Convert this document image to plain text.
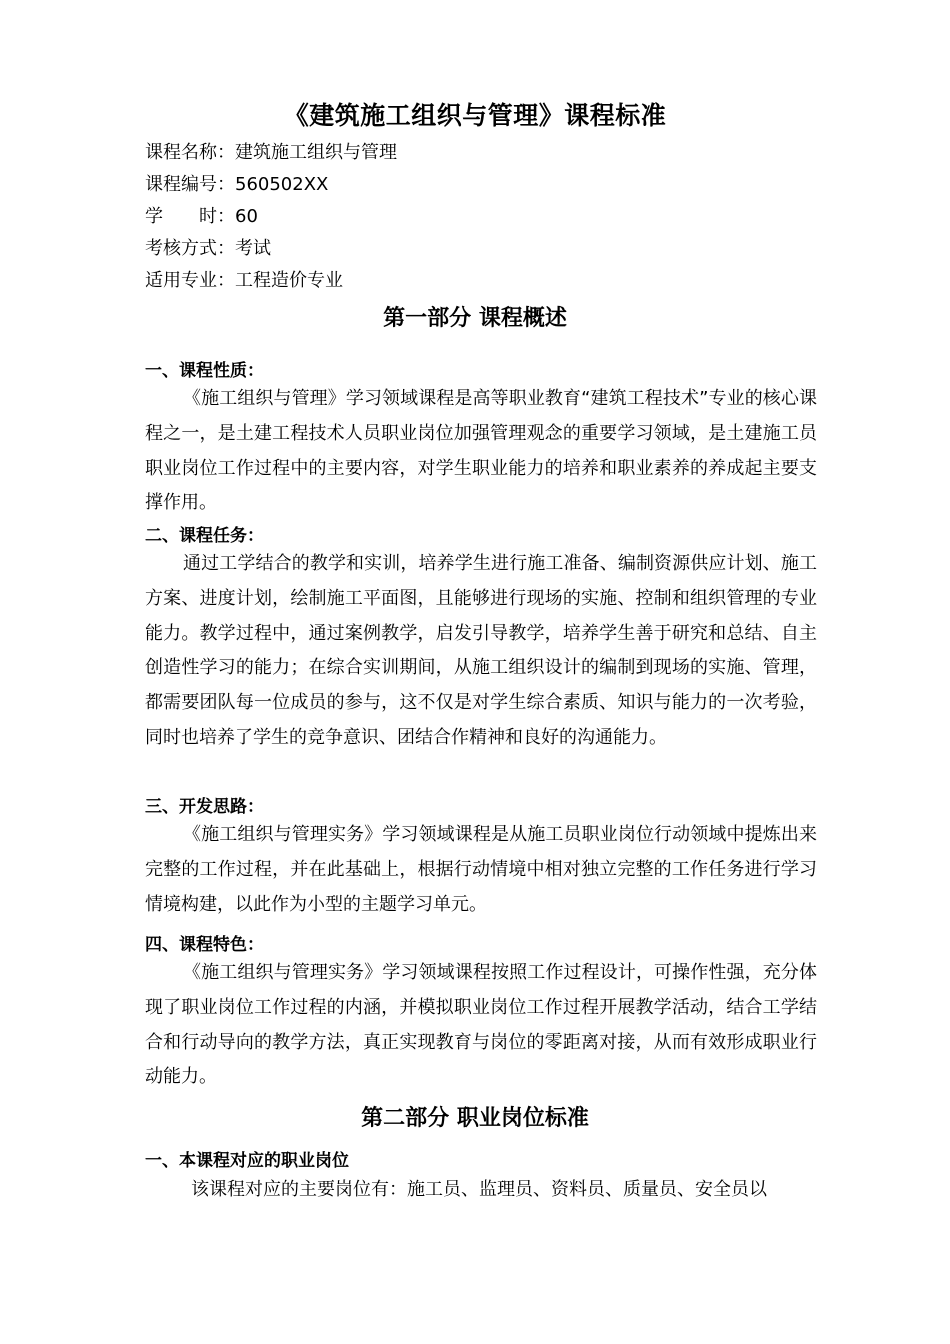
《建筑施工组织与管理》课程标准
课程名称：建筑施工组织与管理
课程编号：560502XX
学　　时：60
考核方式：考试
适用专业：工程造价专业
第一部分 课程概述
一、课程性质：
《施工组织与管理》学习领域课程是高等职业教育“建筑工程技术”专业的核心课程之一，是土建工程技术人员职业岗位加强管理观念的重要学习领域，是土建施工员职业岗位工作过程中的主要内容，对学生职业能力的培养和职业素养的养成起主要支撑作用。
二、课程任务：
通过工学结合的教学和实训，培养学生进行施工准备、编制资源供应计划、施工方案、进度计划，绘制施工平面图，且能够进行现场的实施、控制和组织管理的专业能力。教学过程中，通过案例教学，启发引导教学，培养学生善于研究和总结、自主创造性学习的能力；在综合实训期间，从施工组织设计的编制到现场的实施、管理，都需要团队每一位成员的参与，这不仅是对学生综合素质、知识与能力的一次考验，同时也培养了学生的竞争意识、团结合作精神和良好的沟通能力。
三、开发思路：
《施工组织与管理实务》学习领域课程是从施工员职业岗位行动领域中提炼出来完整的工作过程，并在此基础上，根据行动情境中相对独立完整的工作任务进行学习情境构建，以此作为小型的主题学习单元。
四、课程特色：
《施工组织与管理实务》学习领域课程按照工作过程设计，可操作性强，充分体现了职业岗位工作过程的内涵，并模拟职业岗位工作过程开展教学活动，结合工学结合和行动导向的教学方法，真正实现教育与岗位的零距离对接，从而有效形成职业行动能力。
第二部分 职业岗位标准
一、本课程对应的职业岗位
该课程对应的主要岗位有：施工员、监理员、资料员、质量员、安全员以
